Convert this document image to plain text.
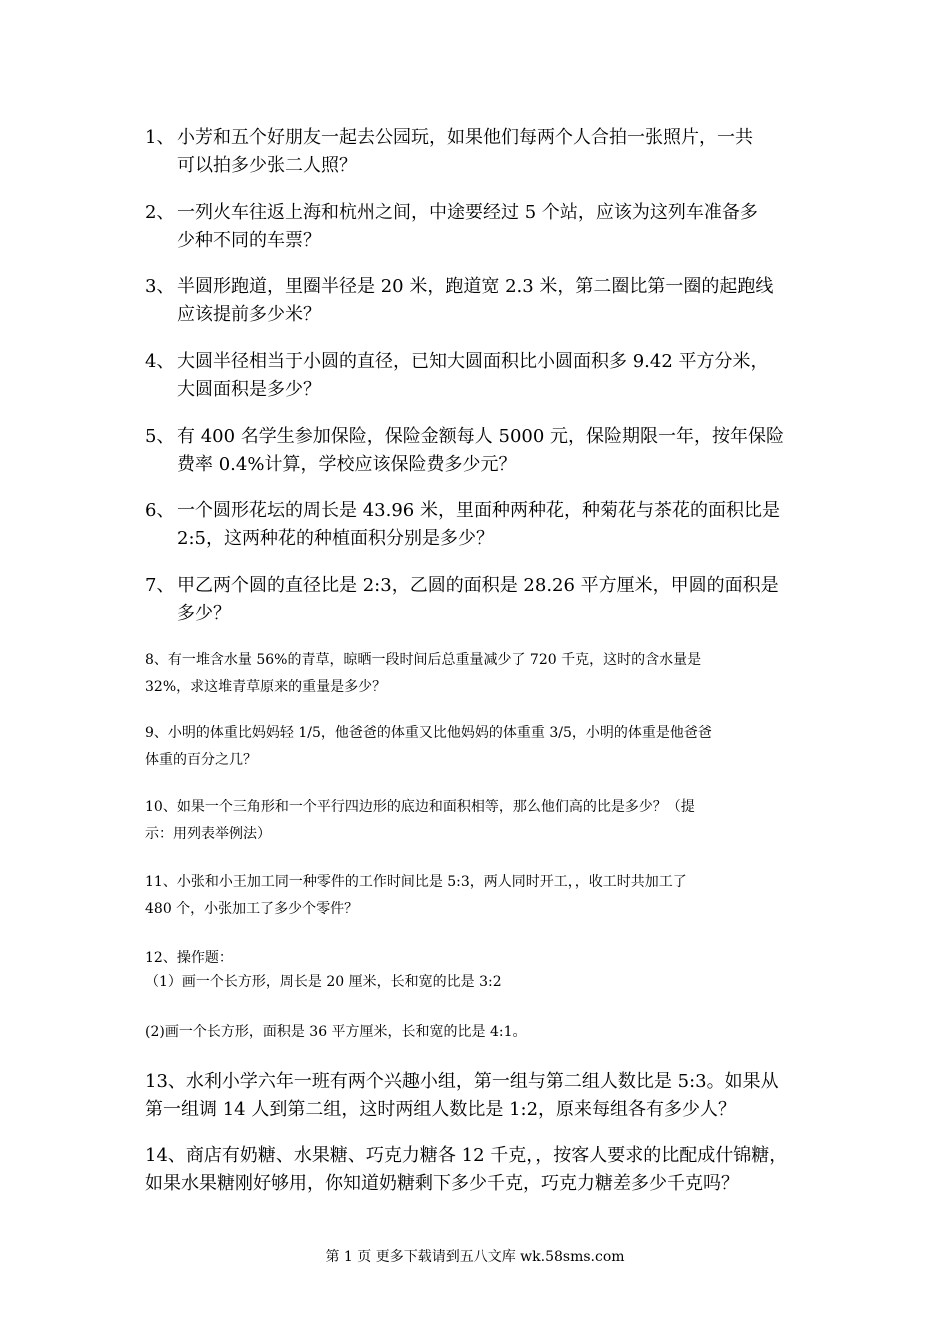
1、 小芳和五个好朋友一起去公园玩，如果他们每两个人合拍一张照片，一共
可以拍多少张二人照？
2、 一列火车往返上海和杭州之间，中途要经过 5 个站，应该为这列车准备多
少种不同的车票？
3、 半圆形跑道，里圈半径是 20 米，跑道宽 2.3 米，第二圈比第一圈的起跑线
应该提前多少米？
4、 大圆半径相当于小圆的直径，已知大圆面积比小圆面积多 9.42 平方分米，
大圆面积是多少？
5、 有 400 名学生参加保险，保险金额每人 5000 元，保险期限一年，按年保险
费率 0.4%计算，学校应该保险费多少元？
6、 一个圆形花坛的周长是 43.96 米，里面种两种花，种菊花与茶花的面积比是
2:5，这两种花的种植面积分别是多少？
7、 甲乙两个圆的直径比是 2:3，乙圆的面积是 28.26 平方厘米，甲圆的面积是
多少？
8、有一堆含水量 56%的青草，晾晒一段时间后总重量减少了 720 千克，这时的含水量是
32%，求这堆青草原来的重量是多少？
9、小明的体重比妈妈轻 1/5，他爸爸的体重又比他妈妈的体重重 3/5，小明的体重是他爸爸
体重的百分之几？
10、如果一个三角形和一个平行四边形的底边和面积相等，那么他们高的比是多少？（提
示：用列表举例法）
11、小张和小王加工同一种零件的工作时间比是 5:3，两人同时开工，，收工时共加工了
480 个，小张加工了多少个零件？
12、操作题：
（1）画一个长方形，周长是 20 厘米，长和宽的比是 3:2
(2)画一个长方形，面积是 36 平方厘米，长和宽的比是 4:1。
13、水利小学六年一班有两个兴趣小组，第一组与第二组人数比是 5:3。如果从
第一组调 14 人到第二组，这时两组人数比是 1:2，原来每组各有多少人？
14、商店有奶糖、水果糖、巧克力糖各 12 千克，，按客人要求的比配成什锦糖，
如果水果糖刚好够用，你知道奶糖剩下多少千克，巧克力糖差多少千克吗？
第 1 页 更多下载请到五八文库 wk.58sms.com
